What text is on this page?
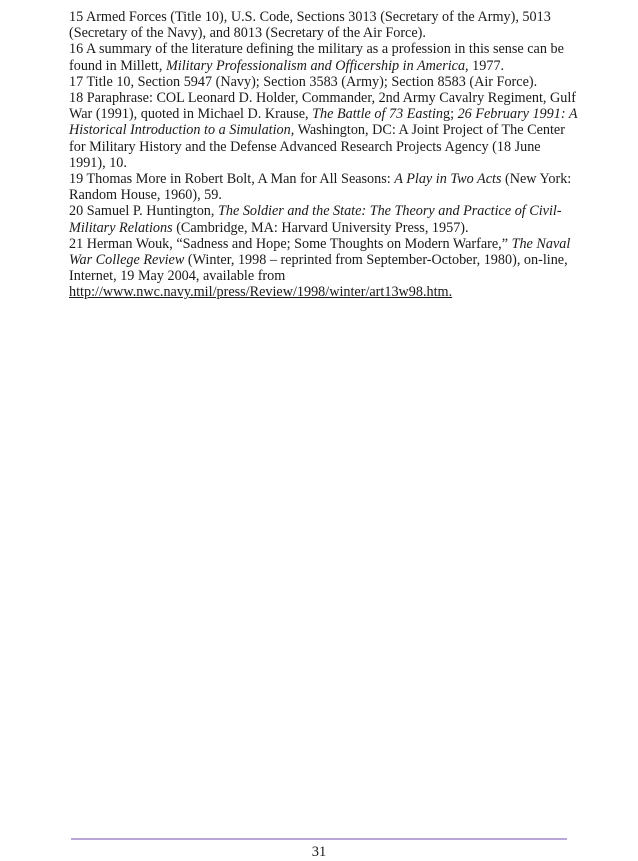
15 Armed Forces (Title 10), U.S. Code, Sections 3013 (Secretary of the Army), 5013 (Secretary of the Navy), and 8013 (Secretary of the Air Force).

16 A summary of the literature defining the military as a profession in this sense can be found in Millett, Military Professionalism and Officership in America, 1977.

17 Title 10, Section 5947 (Navy); Section 3583 (Army); Section 8583 (Air Force).

18 Paraphrase: COL Leonard D. Holder, Commander, 2nd Army Cavalry Regiment, Gulf War (1991), quoted in Michael D. Krause, The Battle of 73 Easting; 26 February 1991: A Historical Introduction to a Simulation, Washington, DC: A Joint Project of The Center for Military History and the Defense Advanced Research Projects Agency (18 June 1991), 10.

19 Thomas More in Robert Bolt, A Man for All Seasons: A Play in Two Acts (New York: Random House, 1960), 59.

20 Samuel P. Huntington, The Soldier and the State: The Theory and Practice of Civil-Military Relations (Cambridge, MA: Harvard University Press, 1957).

21 Herman Wouk, “Sadness and Hope; Some Thoughts on Modern Warfare,” The Naval War College Review (Winter, 1998 – reprinted from September-October, 1980), on-line, Internet, 19 May 2004, available from http://www.nwc.navy.mil/press/Review/1998/winter/art13w98.htm.

31
